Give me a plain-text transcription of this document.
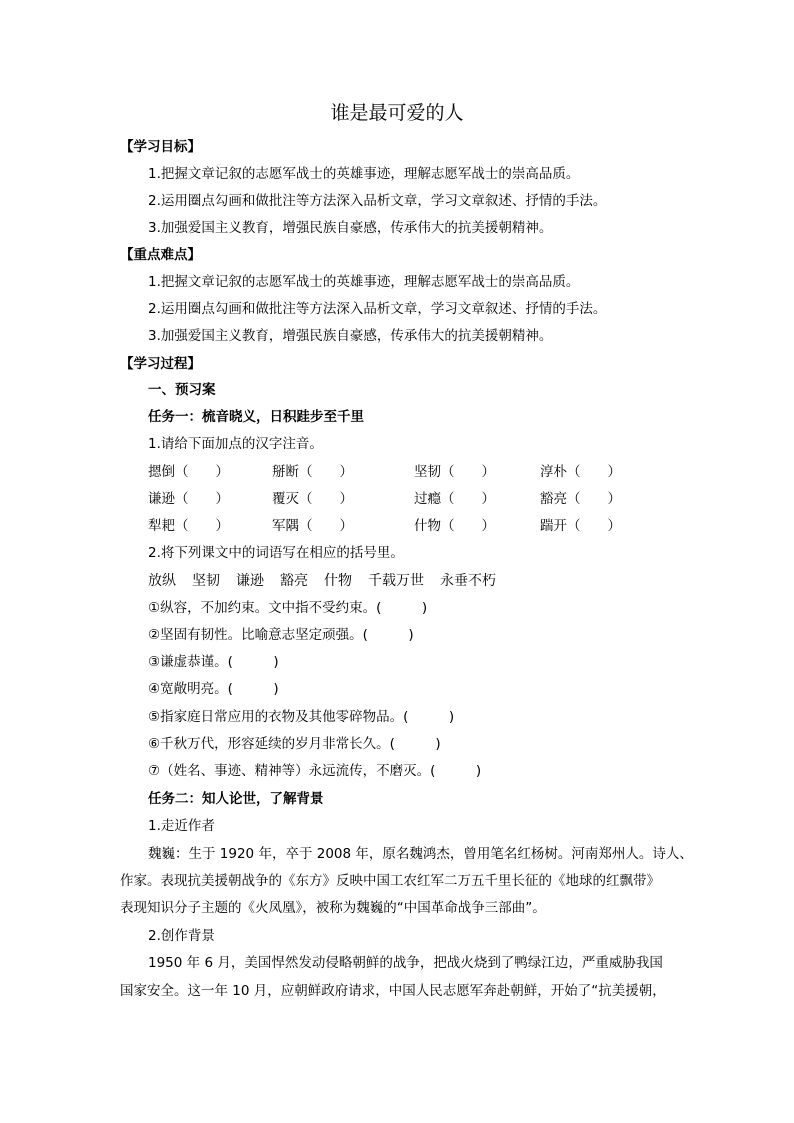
谁是最可爱的人
【学习目标】
1.把握文章记叙的志愿军战士的英雄事迹，理解志愿军战士的崇高品质。
2.运用圈点勾画和做批注等方法深入品析文章，学习文章叙述、抒情的手法。
3.加强爱国主义教育，增强民族自豪感，传承伟大的抗美援朝精神。
【重点难点】
1.把握文章记叙的志愿军战士的英雄事迹，理解志愿军战士的崇高品质。
2.运用圈点勾画和做批注等方法深入品析文章，学习文章叙述、抒情的手法。
3.加强爱国主义教育，增强民族自豪感，传承伟大的抗美援朝精神。
【学习过程】
一、预习案
任务一：梳音晓义，日积跬步至千里
1.请给下面加点的汉字注音。
摁倒（　　）	掰断（　　）	坚韧（　　）	淳朴（　　）
谦逊（　　）	覆灭（　　）	过瘾（　　）	豁亮（　　）
犁耙（　　）	军隅（　　）	什物（　　）	踹开（　　）
2.将下列课文中的词语写在相应的括号里。
放纵 坚韧 谦逊 豁亮 什物 千载万世 永垂不朽
①纵容，不加约束。文中指不受约束。(　　　)
②坚固有韧性。比喻意志坚定顽强。(　　　)
③谦虚恭谨。(　　　)
④宽敞明亮。(　　　)
⑤指家庭日常应用的衣物及其他零碎物品。(　　　)
⑥千秋万代，形容延续的岁月非常长久。(　　　)
⑦（姓名、事迹、精神等）永远流传，不磨灭。(　　　)
任务二：知人论世，了解背景
1.走近作者
魏巍：生于 1920 年，卒于 2008 年，原名魏鸿杰，曾用笔名红杨树。河南郑州人。诗人、
作家。表现抗美援朝战争的《东方》反映中国工农红军二万五千里长征的《地球的红飘带》
表现知识分子主题的《火凤凰》，被称为魏巍的“中国革命战争三部曲”。
2.创作背景
1950 年 6 月，美国悍然发动侵略朝鲜的战争，把战火烧到了鸭绿江边，严重威胁我国
国家安全。这一年 10 月，应朝鲜政府请求，中国人民志愿军奔赴朝鲜，开始了“抗美援朝，
